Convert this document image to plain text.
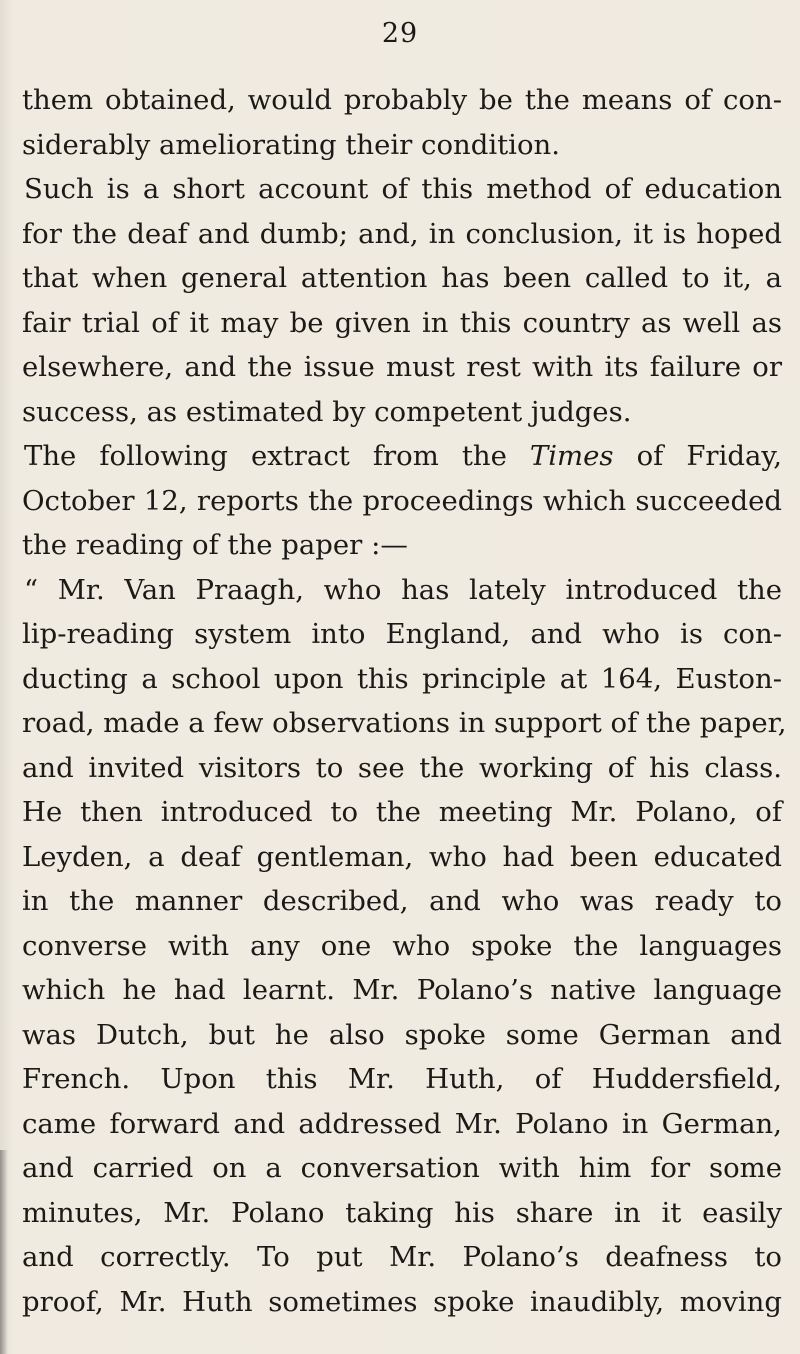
29
them obtained, would probably be the means of con-
siderably ameliorating their condition.
Such is a short account of this method of education
for the deaf and dumb; and, in conclusion, it is hoped
that when general attention has been called to it, a
fair trial of it may be given in this country as well as
elsewhere, and the issue must rest with its failure or
success, as estimated by competent judges.
The following extract from the Times of Friday,
October 12, reports the proceedings which succeeded
the reading of the paper :—
“ Mr. Van Praagh, who has lately introduced the
lip-reading system into England, and who is con-
ducting a school upon this principle at 164, Euston-
road, made a few observations in support of the paper,
and invited visitors to see the working of his class.
He then introduced to the meeting Mr. Polano, of
Leyden, a deaf gentleman, who had been educated
in the manner described, and who was ready to
converse with any one who spoke the languages
which he had learnt. Mr. Polano’s native language
was Dutch, but he also spoke some German and
French. Upon this Mr. Huth, of Huddersfield,
came forward and addressed Mr. Polano in German,
and carried on a conversation with him for some
minutes, Mr. Polano taking his share in it easily
and correctly. To put Mr. Polano’s deafness to
proof, Mr. Huth sometimes spoke inaudibly, moving
